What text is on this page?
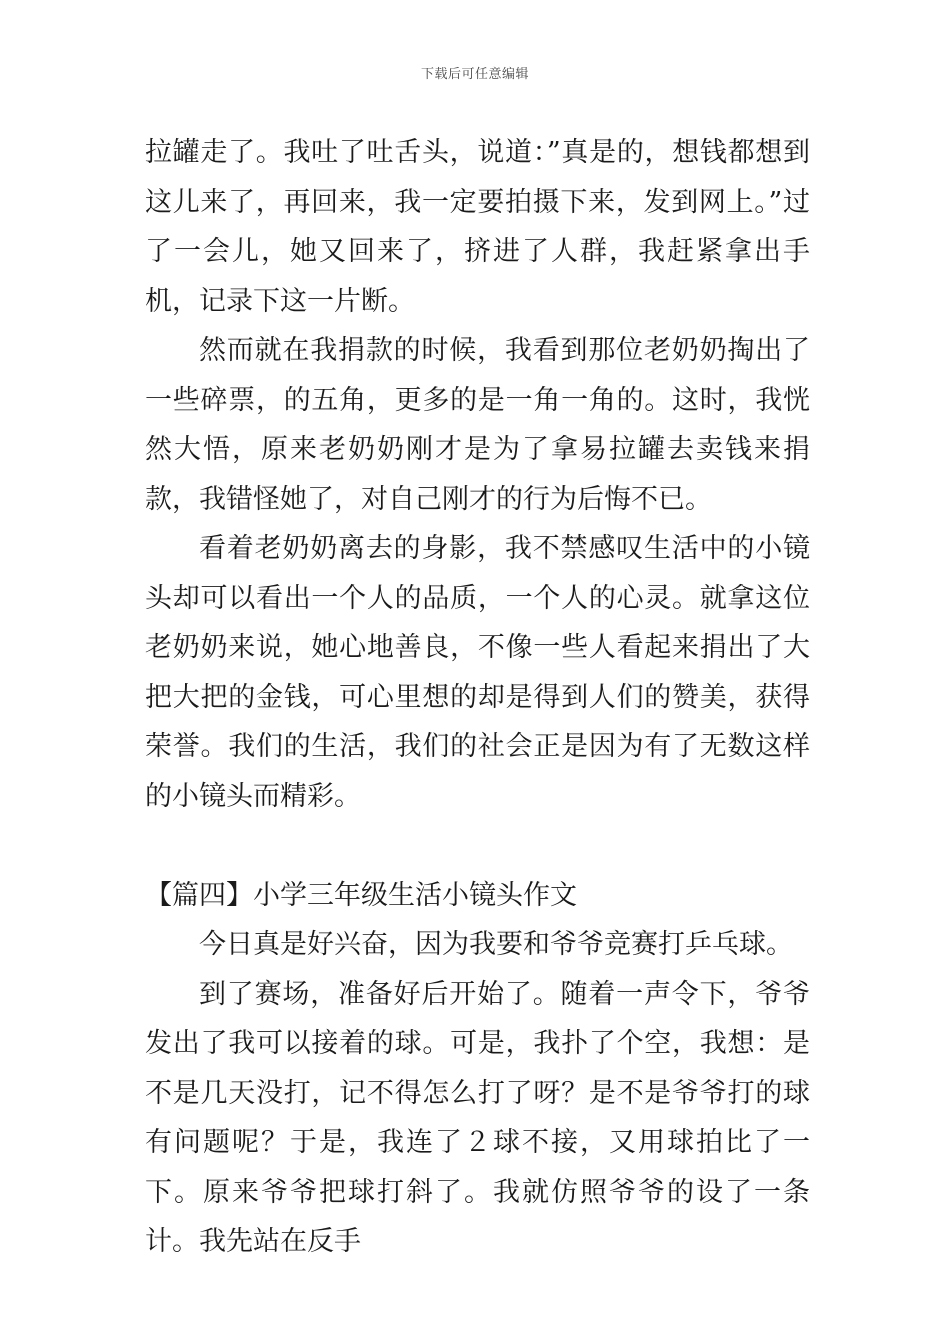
下载后可任意编辑

拉罐走了。我吐了吐舌头，说道：”真是的，想钱都想到这儿来了，再回来，我一定要拍摄下来，发到网上。”过了一会儿，她又回来了，挤进了人群，我赶紧拿出手机，记录下这一片断。

然而就在我捐款的时候，我看到那位老奶奶掏出了一些碎票，的五角，更多的是一角一角的。这时，我恍然大悟，原来老奶奶刚才是为了拿易拉罐去卖钱来捐款，我错怪她了，对自己刚才的行为后悔不已。

看着老奶奶离去的身影，我不禁感叹生活中的小镜头却可以看出一个人的品质，一个人的心灵。就拿这位老奶奶来说，她心地善良，不像一些人看起来捐出了大把大把的金钱，可心里想的却是得到人们的赞美，获得荣誉。我们的生活，我们的社会正是因为有了无数这样的小镜头而精彩。

【篇四】小学三年级生活小镜头作文

今日真是好兴奋，因为我要和爷爷竞赛打乒乓球。

到了赛场，准备好后开始了。随着一声令下，爷爷发出了我可以接着的球。可是，我扑了个空，我想：是不是几天没打，记不得怎么打了呀？是不是爷爷打的球有问题呢？于是，我连了２球不接，又用球拍比了一下。原来爷爷把球打斜了。我就仿照爷爷的设了一条计。我先站在反手
